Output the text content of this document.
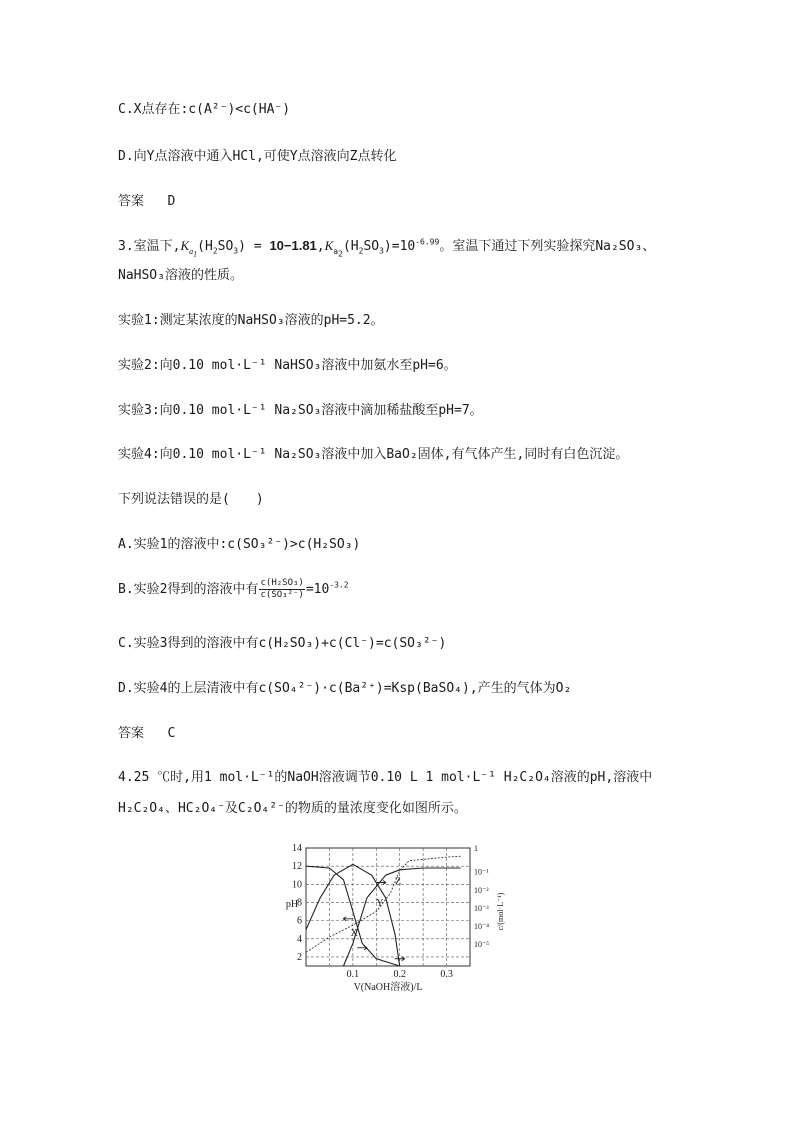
C.X点存在:c(A²⁻)<c(HA⁻)
D.向Y点溶液中通入HCl,可使Y点溶液向Z点转化
答案 D
3.室温下$,K_{a_1}(H_2SO_3) = 10-1.81,K_{a_2}(H_2SO_3)=10^{-6.99}$。室温下通过下列实验探究Na₂SO₃、
NaHSO₃溶液的性质。
实验1:测定某浓度的NaHSO₃溶液的pH=5.2。
实验2:向0.10 mol·L⁻¹ NaHSO₃溶液中加氨水至pH=6。
实验3:向0.10 mol·L⁻¹ Na₂SO₃溶液中滴加稀盐酸至pH=7。
实验4:向0.10 mol·L⁻¹ Na₂SO₃溶液中加入BaO₂固体,有气体产生,同时有白色沉淀。
下列说法错误的是(　　)
A.实验1的溶液中:c(SO₃²⁻)>c(H₂SO₃)
B.实验2得到的溶液中有 $\frac{\text{c(H₂SO₃)}}{\text{c(SO₃²⁻)}} =10^{-3.2}$
C.实验3得到的溶液中有c(H₂SO₃)+c(Cl⁻)=c(SO₃²⁻)
D.实验4的上层清液中有c(SO₄²⁻)·c(Ba²⁺)=Ksp(BaSO₄),产生的气体为O₂
答案 C
4.25 ℃时,用1 mol·L⁻¹的NaOH溶液调节0.10 L 1 mol·L⁻¹ H₂C₂O₄溶液的pH,溶液中
H₂C₂O₄、HC₂O₄⁻及C₂O₄²⁻的物质的量浓度变化如图所示。
2
4
6
8
10
12
14	1
10⁻¹
10⁻²
10⁻³
10⁻⁴
10⁻⁵
0.1	0.2	0.3
V(NaOH溶液)/L
pH	c/(mol·L⁻¹)
X
Y
Z
